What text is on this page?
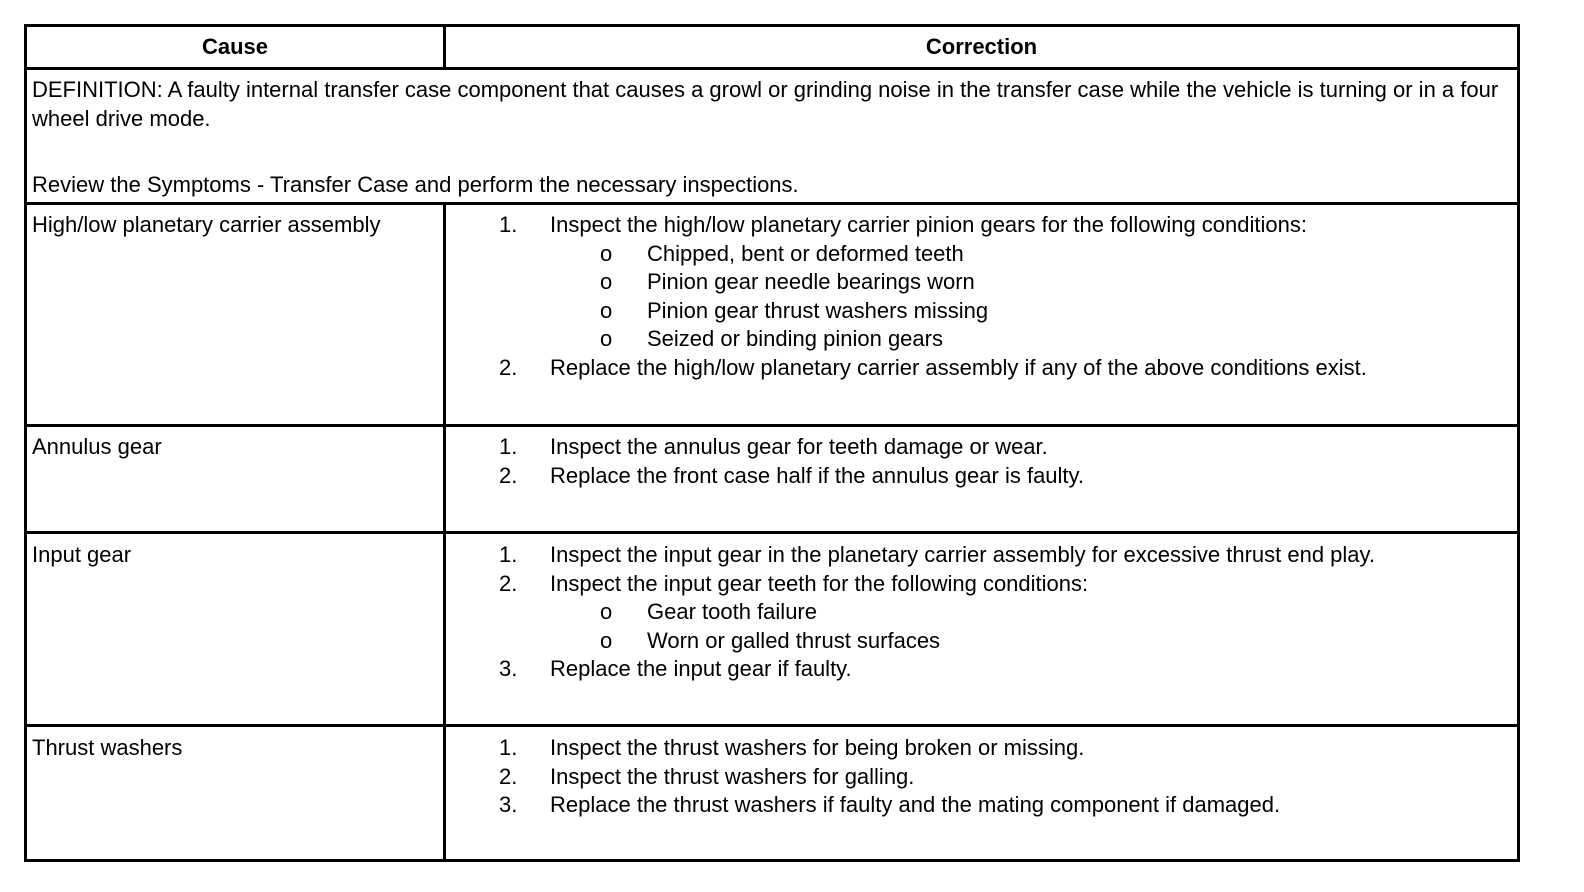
Cause	Correction
DEFINITION: A faulty internal transfer case component that causes a growl or grinding noise in the transfer case while the vehicle is turning or in a four wheel drive mode.
Review the Symptoms - Transfer Case and perform the necessary inspections.
High/low planetary carrier assembly	1.	Inspect the high/low planetary carrier pinion gears for the following conditions:
o Chipped, bent or deformed teeth
o Pinion gear needle bearings worn
o Pinion gear thrust washers missing
o Seized or binding pinion gears
2.	Replace the high/low planetary carrier assembly if any of the above conditions exist.
Annulus gear	1.	Inspect the annulus gear for teeth damage or wear.
2.	Replace the front case half if the annulus gear is faulty.
Input gear	1.	Inspect the input gear in the planetary carrier assembly for excessive thrust end play.
2.	Inspect the input gear teeth for the following conditions:
o Gear tooth failure
o Worn or galled thrust surfaces
3.	Replace the input gear if faulty.
Thrust washers	1.	Inspect the thrust washers for being broken or missing.
2.	Inspect the thrust washers for galling.
3.	Replace the thrust washers if faulty and the mating component if damaged.
